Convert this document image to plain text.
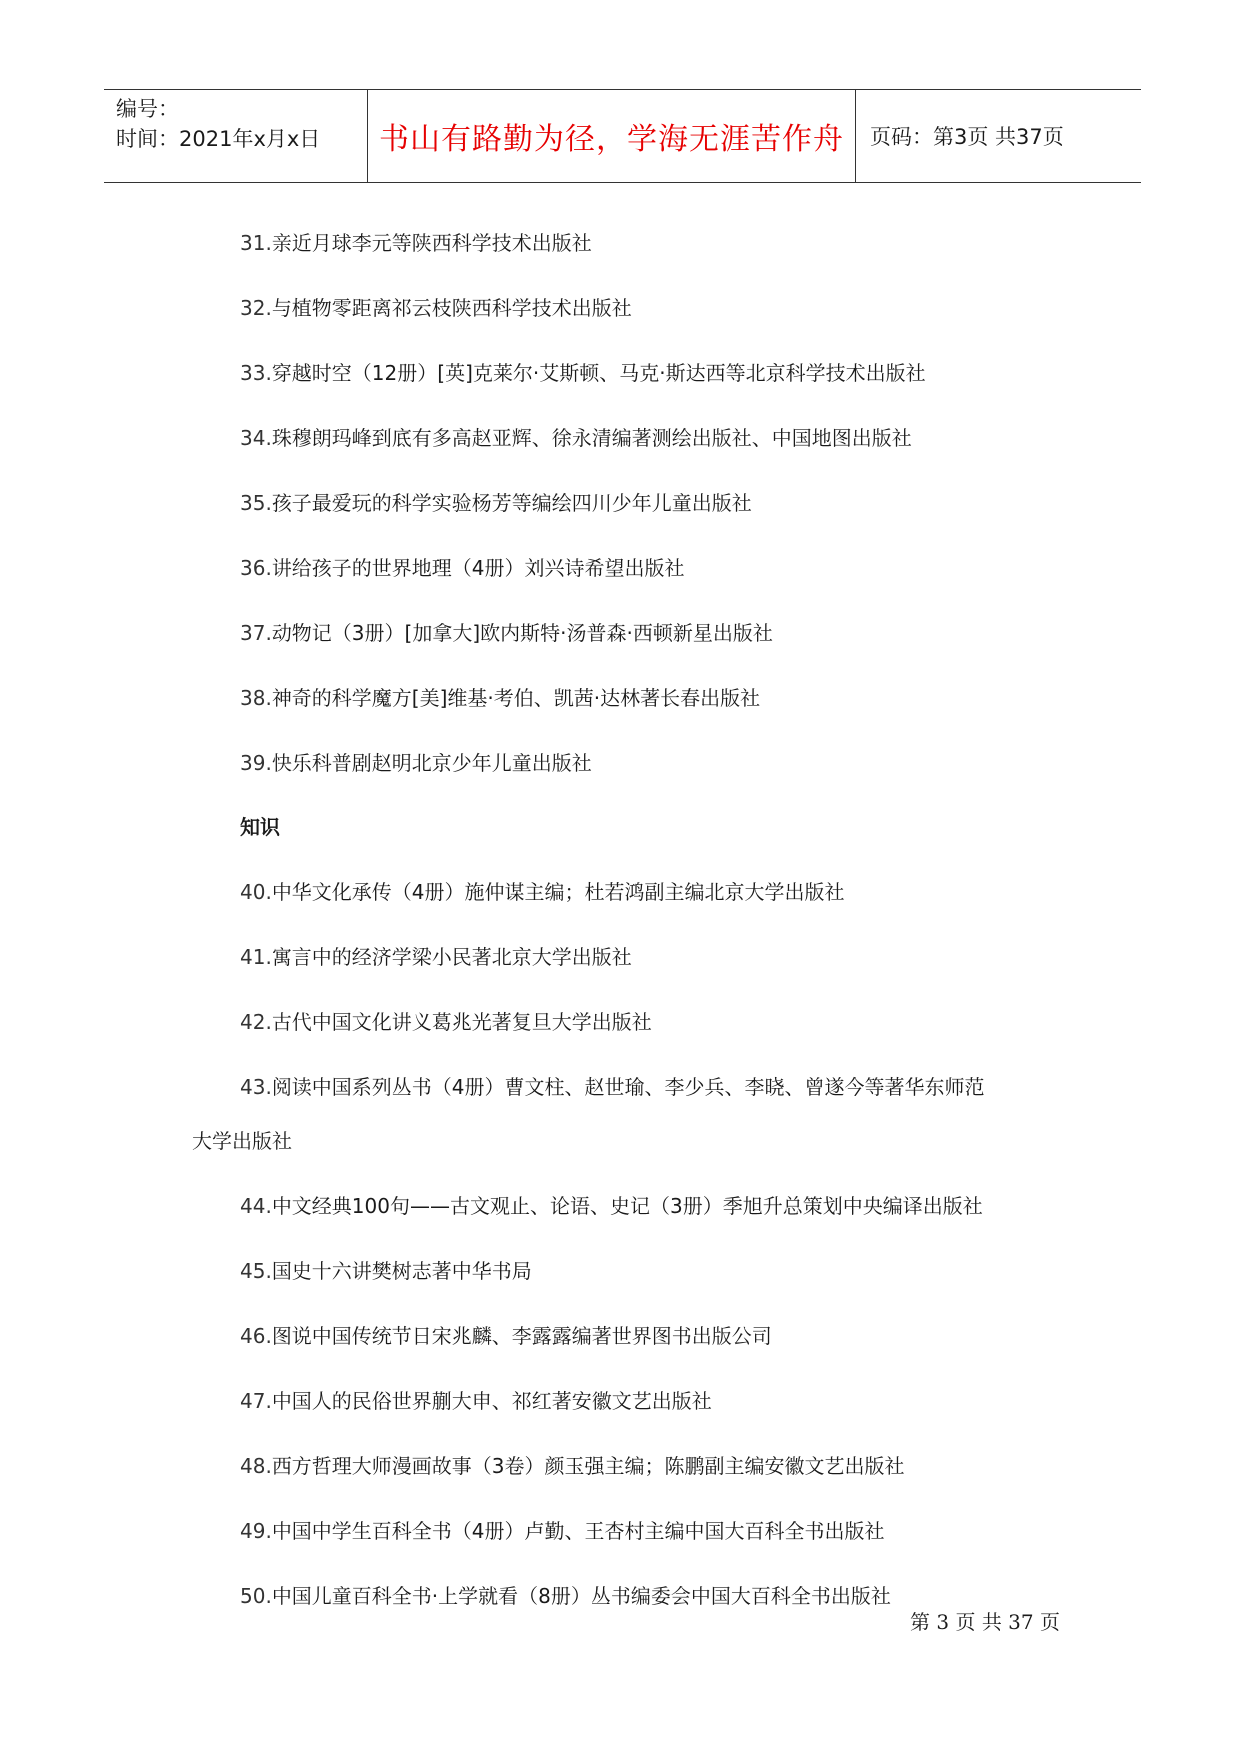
编号：
时间：2021年x月x日	书山有路勤为径，学海无涯苦作舟 页码：第3页 共37页
31.亲近月球李元等陕西科学技术出版社
32.与植物零距离祁云枝陕西科学技术出版社
33.穿越时空（12册）[英]克莱尔·艾斯顿、马克·斯达西等北京科学技术出版社
34.珠穆朗玛峰到底有多高赵亚辉、徐永清编著测绘出版社、中国地图出版社
35.孩子最爱玩的科学实验杨芳等编绘四川少年儿童出版社
36.讲给孩子的世界地理（4册）刘兴诗希望出版社
37.动物记（3册）[加拿大]欧内斯特·汤普森·西顿新星出版社
38.神奇的科学魔方[美]维基·考伯、凯茜·达林著长春出版社
39.快乐科普剧赵明北京少年儿童出版社
知识
40.中华文化承传（4册）施仲谋主编；杜若鸿副主编北京大学出版社
41.寓言中的经济学梁小民著北京大学出版社
42.古代中国文化讲义葛兆光著复旦大学出版社
43.阅读中国系列丛书（4册）曹文柱、赵世瑜、李少兵、李晓、曾遂今等著华东师范
大学出版社
44.中文经典100句——古文观止、论语、史记（3册）季旭升总策划中央编译出版社
45.国史十六讲樊树志著中华书局
46.图说中国传统节日宋兆麟、李露露编著世界图书出版公司
47.中国人的民俗世界蒯大申、祁红著安徽文艺出版社
48.西方哲理大师漫画故事（3卷）颜玉强主编；陈鹏副主编安徽文艺出版社
49.中国中学生百科全书（4册）卢勤、王杏村主编中国大百科全书出版社
50.中国儿童百科全书·上学就看（8册）丛书编委会中国大百科全书出版社
第 3 页 共 37 页
